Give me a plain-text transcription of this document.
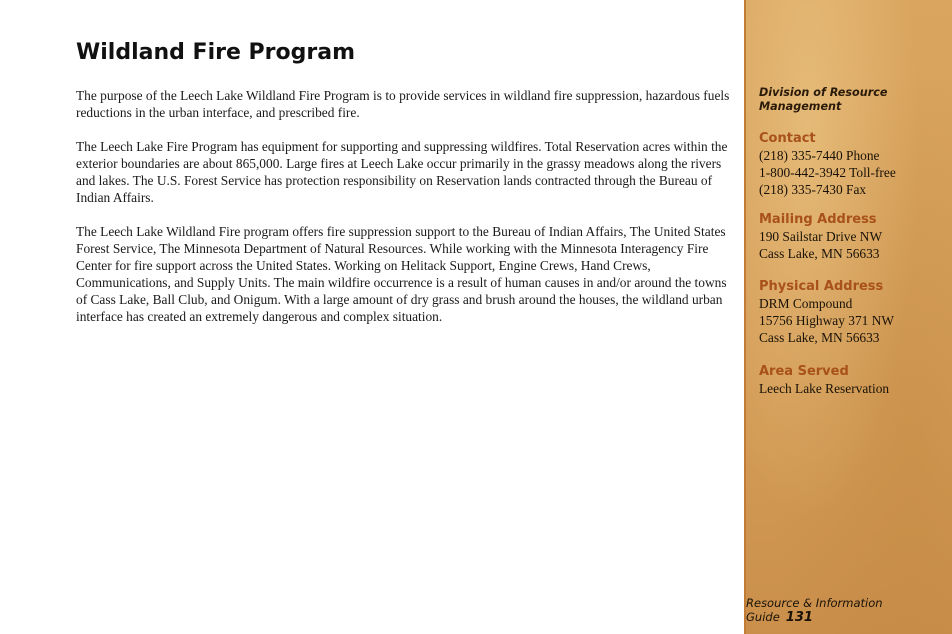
Wildland Fire Program

The purpose of the Leech Lake Wildland Fire Program is to provide services in wildland fire suppression, hazardous fuels reductions in the urban interface, and prescribed fire.

The Leech Lake Fire Program has equipment for supporting and suppressing wildfires. Total Reservation acres within the exterior boundaries are about 865,000. Large fires at Leech Lake occur primarily in the grassy meadows along the rivers and lakes. The U.S. Forest Service has protection responsibility on Reservation lands contracted through the Bureau of Indian Affairs.

The Leech Lake Wildland Fire program offers fire suppression support to the Bureau of Indian Affairs, The United States Forest Service, The Minnesota Department of Natural Resources. While working with the Minnesota Interagency Fire Center for fire support across the United States. Working on Helitack Support, Engine Crews, Hand Crews, Communications, and Supply Units. The main wildfire occurrence is a result of human causes in and/or around the towns of Cass Lake, Ball Club, and Onigum. With a large amount of dry grass and brush around the houses, the wildland urban interface has created an extremely dangerous and complex situation.

Division of Resource Management
Contact
(218) 335-7440 Phone
1-800-442-3942 Toll-free
(218) 335-7430 Fax
Mailing Address
190 Sailstar Drive NW
Cass Lake, MN 56633
Physical Address
DRM Compound
15756 Highway 371 NW
Cass Lake, MN 56633
Area Served
Leech Lake Reservation
Resource & Information Guide 131
